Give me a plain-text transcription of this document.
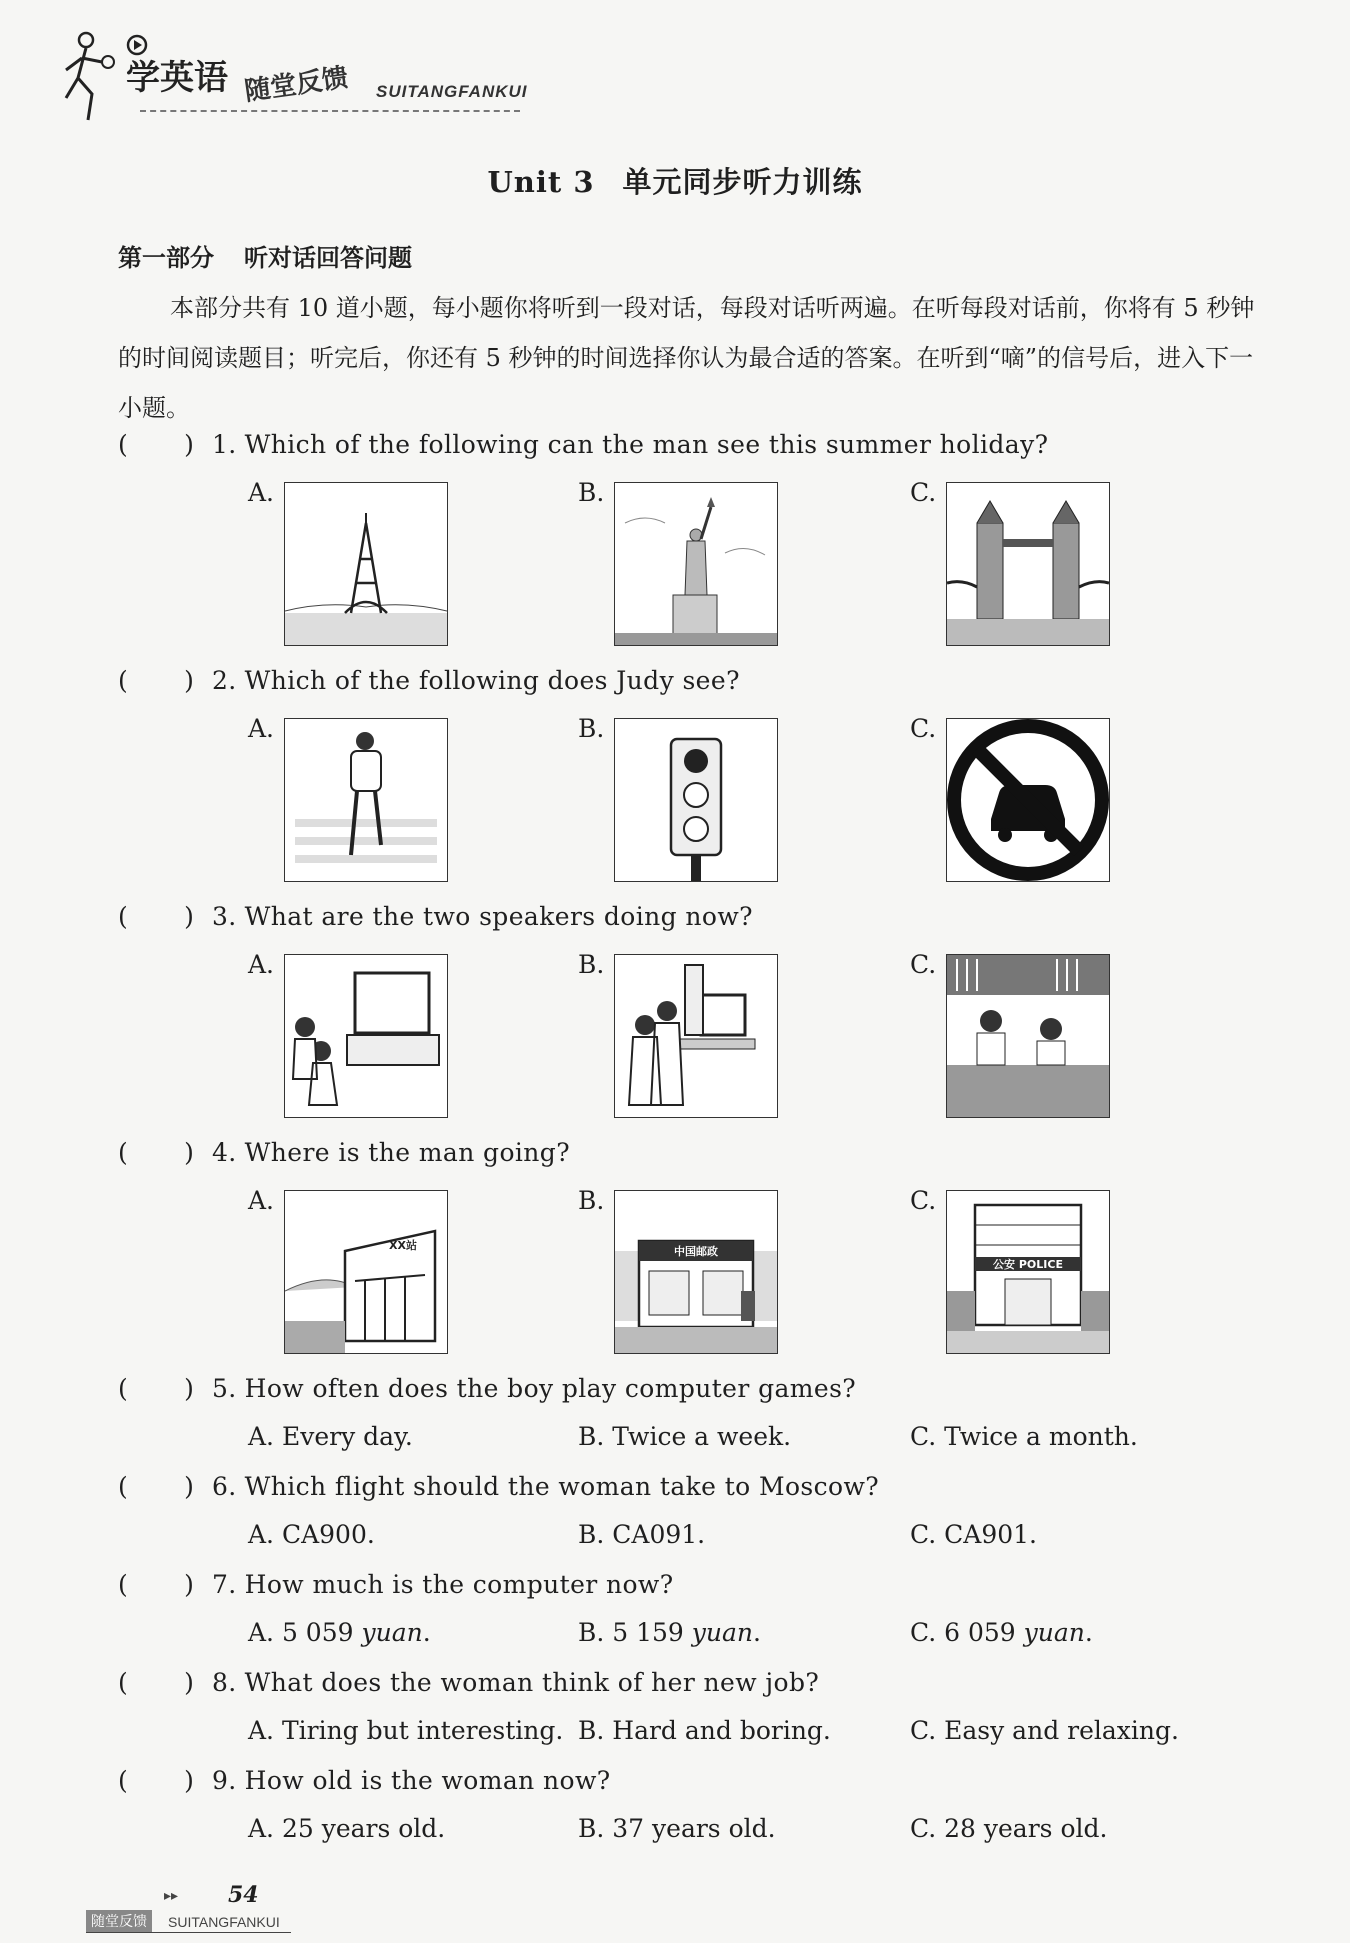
学英语 随堂反馈 SUITANGFANKUI
Unit 3 单元同步听力训练
第一部分 听对话回答问题
本部分共有 10 道小题，每小题你将听到一段对话，每段对话听两遍。在听每段对话前，你将有 5 秒钟的时间阅读题目；听完后，你还有 5 秒钟的时间选择你认为最合适的答案。在听到“嘀”的信号后，进入下一小题。
( ) 1. Which of the following can the man see this summer holiday?
A.	B.	C.
( ) 2. Which of the following does Judy see?
A.	B.	C.
( ) 3. What are the two speakers doing now?
A.	B.	C.
( ) 4. Where is the man going?
A.
XX站
B.
中国邮政
C.
公安 POLICE
( ) 5. How often does the boy play computer games?
A. Every day.	B. Twice a week.	C. Twice a month.
( ) 6. Which flight should the woman take to Moscow?
A. CA900.	B. CA091.	C. CA901.
( ) 7. How much is the computer now?
A. 5 059 yuan.	B. 5 159 yuan.	C. 6 059 yuan.
( ) 8. What does the woman think of her new job?
A. Tiring but interesting. B. Hard and boring.	C. Easy and relaxing.
( ) 9. How old is the woman now?
A. 25 years old.	B. 37 years old.	C. 28 years old.
▸▸ 54
随堂反馈	SUITANGFANKUI
